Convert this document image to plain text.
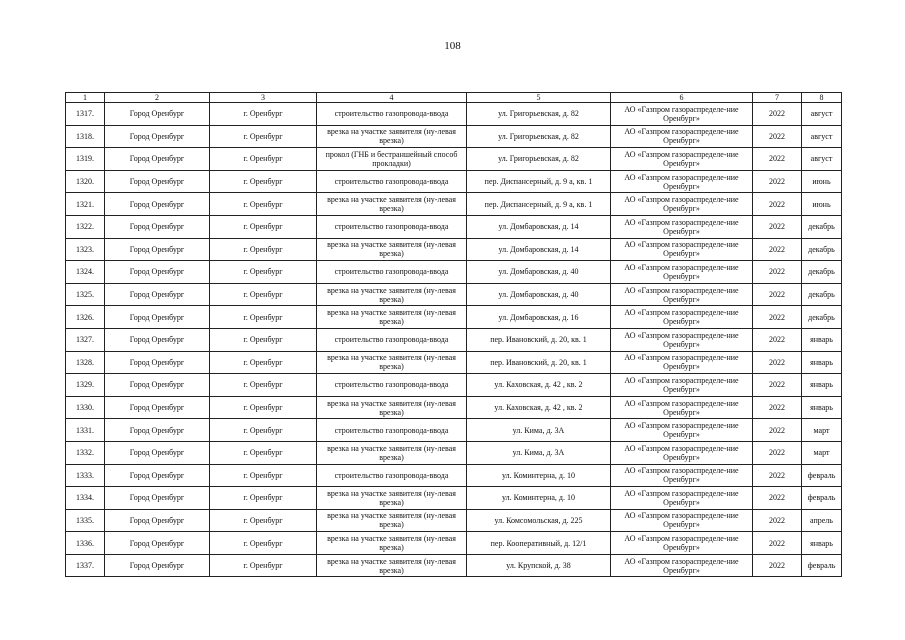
108
1	2	3	4	5	6	7	8
1317.	Город Оренбург	г. Оренбург	строительство газопровода-ввода	ул. Григорьевская, д. 82	АО «Газпром газораспределе-ние Оренбург»	2022	август
1318.	Город Оренбург	г. Оренбург	врезка на участке заявителя (ну-левая врезка)	ул. Григорьевская, д. 82	АО «Газпром газораспределе-ние Оренбург»	2022	август
1319.	Город Оренбург	г. Оренбург	прокол (ГНБ и бестраншейный способ прокладки)	ул. Григорьевская, д. 82	АО «Газпром газораспределе-ние Оренбург»	2022	август
1320.	Город Оренбург	г. Оренбург	строительство газопровода-ввода	пер. Диспансерный, д. 9 а, кв. 1	АО «Газпром газораспределе-ние Оренбург»	2022	июнь
1321.	Город Оренбург	г. Оренбург	врезка на участке заявителя (ну-левая врезка)	пер. Диспансерный, д. 9 а, кв. 1	АО «Газпром газораспределе-ние Оренбург»	2022	июнь
1322.	Город Оренбург	г. Оренбург	строительство газопровода-ввода	ул. Домбаровская, д. 14	АО «Газпром газораспределе-ние Оренбург»	2022	декабрь
1323.	Город Оренбург	г. Оренбург	врезка на участке заявителя (ну-левая врезка)	ул. Домбаровская, д. 14	АО «Газпром газораспределе-ние Оренбург»	2022	декабрь
1324.	Город Оренбург	г. Оренбург	строительство газопровода-ввода	ул. Домбаровская, д. 40	АО «Газпром газораспределе-ние Оренбург»	2022	декабрь
1325.	Город Оренбург	г. Оренбург	врезка на участке заявителя (ну-левая врезка)	ул. Домбаровская, д. 40	АО «Газпром газораспределе-ние Оренбург»	2022	декабрь
1326.	Город Оренбург	г. Оренбург	врезка на участке заявителя (ну-левая врезка)	ул. Домбаровская, д. 16	АО «Газпром газораспределе-ние Оренбург»	2022	декабрь
1327.	Город Оренбург	г. Оренбург	строительство газопровода-ввода	пер. Ивановский, д. 20, кв. 1	АО «Газпром газораспределе-ние Оренбург»	2022	январь
1328.	Город Оренбург	г. Оренбург	врезка на участке заявителя (ну-левая врезка)	пер. Ивановский, д. 20, кв. 1	АО «Газпром газораспределе-ние Оренбург»	2022	январь
1329.	Город Оренбург	г. Оренбург	строительство газопровода-ввода	ул. Каховская, д. 42 , кв. 2	АО «Газпром газораспределе-ние Оренбург»	2022	январь
1330.	Город Оренбург	г. Оренбург	врезка на участке заявителя (ну-левая врезка)	ул. Каховская, д. 42 , кв. 2	АО «Газпром газораспределе-ние Оренбург»	2022	январь
1331.	Город Оренбург	г. Оренбург	строительство газопровода-ввода	ул. Кима, д. 3А	АО «Газпром газораспределе-ние Оренбург»	2022	март
1332.	Город Оренбург	г. Оренбург	врезка на участке заявителя (ну-левая врезка)	ул. Кима, д. 3А	АО «Газпром газораспределе-ние Оренбург»	2022	март
1333.	Город Оренбург	г. Оренбург	строительство газопровода-ввода	ул. Коминтерна, д. 10	АО «Газпром газораспределе-ние Оренбург»	2022	февраль
1334.	Город Оренбург	г. Оренбург	врезка на участке заявителя (ну-левая врезка)	ул. Коминтерна, д. 10	АО «Газпром газораспределе-ние Оренбург»	2022	февраль
1335.	Город Оренбург	г. Оренбург	врезка на участке заявителя (ну-левая врезка)	ул. Комсомольская, д. 225	АО «Газпром газораспределе-ние Оренбург»	2022	апрель
1336.	Город Оренбург	г. Оренбург	врезка на участке заявителя (ну-левая врезка)	пер. Кооперативный, д. 12/1	АО «Газпром газораспределе-ние Оренбург»	2022	январь
1337.	Город Оренбург	г. Оренбург	врезка на участке заявителя (ну-левая врезка)	ул. Крупской, д. 38	АО «Газпром газораспределе-ние Оренбург»	2022	февраль
